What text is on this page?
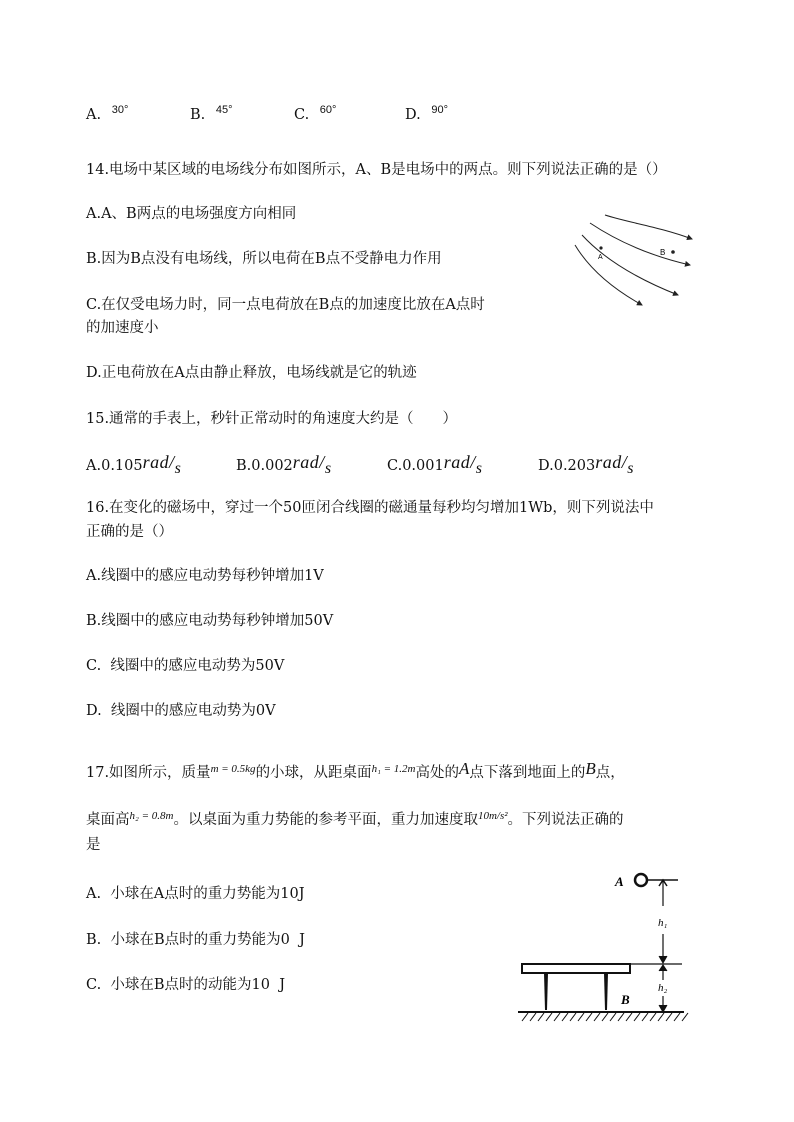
A. $^{30^\circ}$	B. $^{45^\circ}$	C. $^{60^\circ}$	D. $^{90^\circ}$
14.电场中某区域的电场线分布如图所示，A、B是电场中的两点。则下列说法正确的是（）
A.A、B两点的电场强度方向相同
B.因为B点没有电场线，所以电荷在B点不受静电力作用
C.在仅受电场力时，同一点电荷放在B点的加速度比放在A点时
的加速度小
D.正电荷放在A点由静止释放，电场线就是它的轨迹
A
B
15.通常的手表上，秒针正常动时的角速度大约是（　　）
A.0.105rad/s	B.0.002rad/s	C.0.001rad/s	D.0.203rad/s
16.在变化的磁场中，穿过一个50匝闭合线圈的磁通量每秒均匀增加1Wb，则下列说法中
正确的是（）
A.线圈中的感应电动势每秒钟增加1V
B.线圈中的感应电动势每秒钟增加50V
C.  线圈中的感应电动势为50V
D.  线圈中的感应电动势为0V
17.如图所示，质量$^{m = 0.5kg}$的小球，从距桌面$^{h_1 = 1.2m}$高处的A点下落到地面上的B点，
桌面高$^{h_2 = 0.8m}$。以桌面为重力势能的参考平面，重力加速度取$^{10m/s^2}$。下列说法正确的
是
A.  小球在A点时的重力势能为10J
B.  小球在B点时的重力势能为0  J
C.  小球在B点时的动能为10  J
A
h₁
h₂
B
